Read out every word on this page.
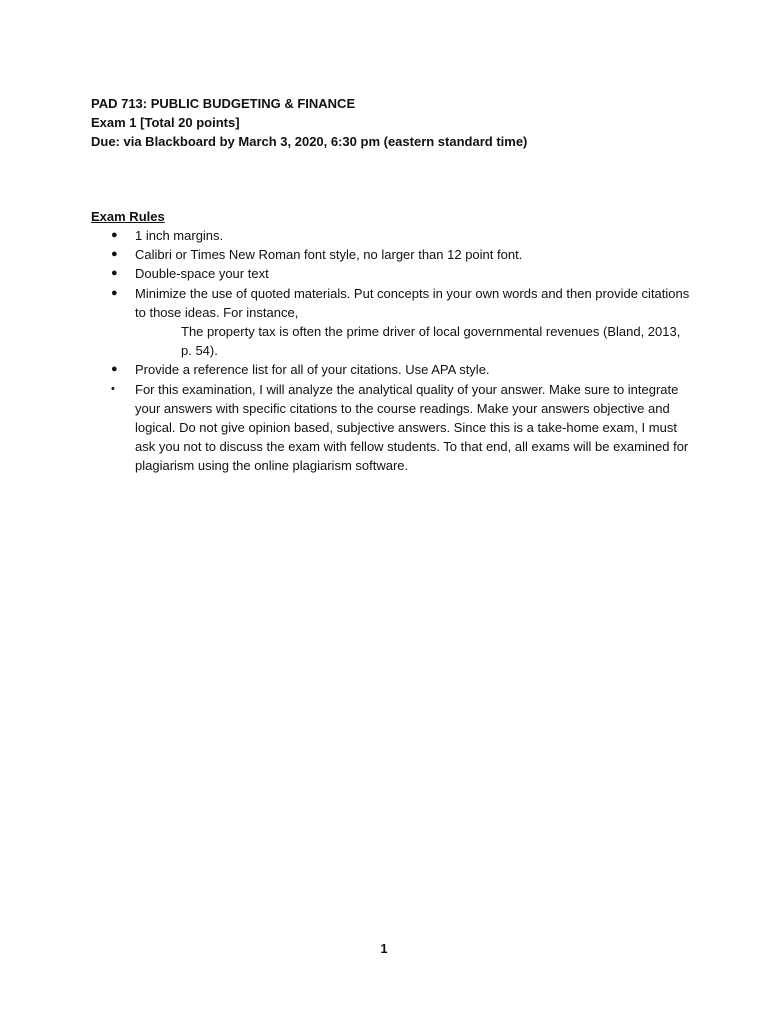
PAD 713: PUBLIC BUDGETING & FINANCE
Exam 1 [Total 20 points]
Due: via Blackboard by March 3, 2020, 6:30 pm (eastern standard time)
Exam Rules
● 1 inch margins.
● Calibri or Times New Roman font style, no larger than 12 point font.
● Double-space your text
● Minimize the use of quoted materials. Put concepts in your own words and then provide citations to those ideas. For instance,
The property tax is often the prime driver of local governmental revenues (Bland, 2013, p. 54).
● Provide a reference list for all of your citations. Use APA style.
• For this examination, I will analyze the analytical quality of your answer. Make sure to integrate your answers with specific citations to the course readings. Make your answers objective and logical. Do not give opinion based, subjective answers. Since this is a take-home exam, I must ask you not to discuss the exam with fellow students. To that end, all exams will be examined for plagiarism using the online plagiarism software.
1
